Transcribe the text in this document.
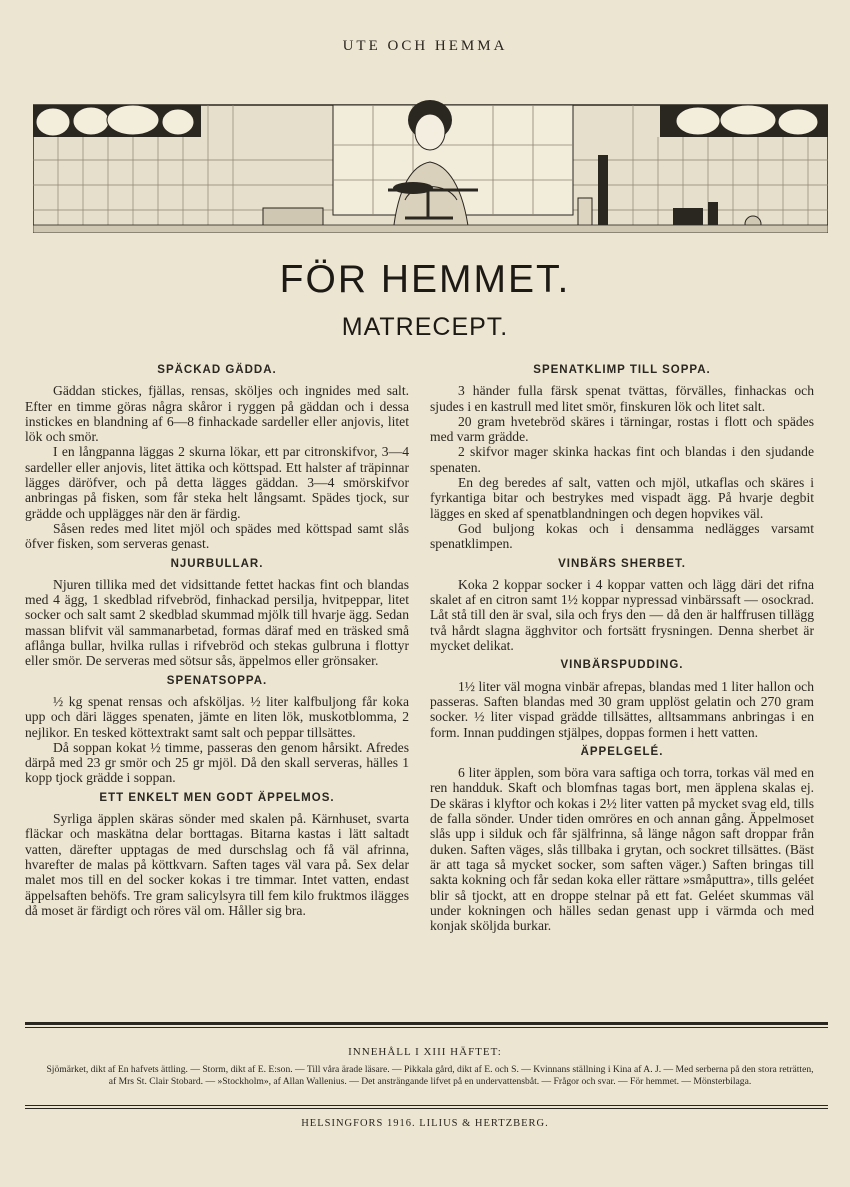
UTE OCH HEMMA
FÖR HEMMET.
MATRECEPT.
SPÄCKAD GÄDDA.

Gäddan stickes, fjällas, rensas, sköljes och ingnides med salt. Efter en timme göras några skåror i ryggen på gäddan och i dessa instickes en blandning af 6—8 finhackade sardeller eller anjovis, litet lök och smör.

I en långpanna läggas 2 skurna lökar, ett par citronskifvor, 3—4 sardeller eller anjovis, litet ättika och köttspad. Ett halster af träpinnar lägges däröfver, och på detta lägges gäddan. 3—4 smörskifvor anbringas på fisken, som får steka helt långsamt. Spädes tjock, sur grädde och upplägges när den är färdig.

Såsen redes med litet mjöl och spädes med köttspad samt slås öfver fisken, som serveras genast.

NJURBULLAR.

Njuren tillika med det vidsittande fettet hackas fint och blandas med 4 ägg, 1 skedblad rifvebröd, finhackad persilja, hvitpeppar, litet socker och salt samt 2 skedblad skummad mjölk till hvarje ägg. Sedan massan blifvit väl sammanarbetad, formas däraf med en träsked små aflånga bullar, hvilka rullas i rifvebröd och stekas gulbruna i flottyr eller smör. De serveras med sötsur sås, äppelmos eller grönsaker.

SPENATSOPPA.

½ kg spenat rensas och afsköljas. ½ liter kalfbuljong får koka upp och däri lägges spenaten, jämte en liten lök, muskotblomma, 2 nejlikor. En tesked köttextrakt samt salt och peppar tillsättes.

Då soppan kokat ½ timme, passeras den genom hårsikt. Afredes därpå med 23 gr smör och 25 gr mjöl. Då den skall serveras, hälles 1 kopp tjock grädde i soppan.

ETT ENKELT MEN GODT ÄPPELMOS.

Syrliga äpplen skäras sönder med skalen på. Kärnhuset, svarta fläckar och maskätna delar borttagas. Bitarna kastas i lätt saltadt vatten, därefter upptagas de med durschslag och få väl afrinna, hvarefter de malas på köttkvarn. Saften tages väl vara på. Sex delar malet mos till en del socker kokas i tre timmar. Intet vatten, endast äppelsaften behöfs. Tre gram salicylsyra till fem kilo fruktmos ilägges då moset är färdigt och röres väl om. Håller sig bra.

SPENATKLIMP TILL SOPPA.

3 händer fulla färsk spenat tvättas, förvälles, finhackas och sjudes i en kastrull med litet smör, finskuren lök och litet salt.

20 gram hvetebröd skäres i tärningar, rostas i flott och spädes med varm grädde.

2 skifvor mager skinka hackas fint och blandas i den sjudande spenaten.

En deg beredes af salt, vatten och mjöl, utkaflas och skäres i fyrkantiga bitar och bestrykes med vispadt ägg. På hvarje degbit lägges en sked af spenatblandningen och degen hopvikes väl.

God buljong kokas och i densamma nedlägges varsamt spenatklimpen.

VINBÄRS SHERBET.

Koka 2 koppar socker i 4 koppar vatten och lägg däri det rifna skalet af en citron samt 1½ koppar nypressad vinbärssaft — osockrad. Låt stå till den är sval, sila och frys den — då den är halffrusen tillägg två hårdt slagna ägghvitor och fortsätt frysningen. Denna sherbet är mycket delikat.

VINBÄRSPUDDING.

1½ liter väl mogna vinbär afrepas, blandas med 1 liter hallon och passeras. Saften blandas med 30 gram upplöst gelatin och 270 gram socker. ½ liter vispad grädde tillsättes, alltsammans anbringas i en form. Innan puddingen stjälpes, doppas formen i hett vatten.

ÄPPELGELÉ.

6 liter äpplen, som böra vara saftiga och torra, torkas väl med en ren handduk. Skaft och blomfnas tagas bort, men äpplena skalas ej. De skäras i klyftor och kokas i 2½ liter vatten på mycket svag eld, tills de falla sönder. Under tiden omröres en och annan gång. Äppelmoset slås upp i silduk och får själfrinna, så länge någon saft droppar från duken. Saften väges, slås tillbaka i grytan, och sockret tillsättes. (Bäst är att taga så mycket socker, som saften väger.) Saften bringas till sakta kokning och får sedan koka eller rättare »småputtra», tills geléet blir så tjockt, att en droppe stelnar på ett fat. Geléet skummas väl under kokningen och hälles sedan genast upp i värmda och med konjak sköljda burkar.

INNEHÅLL I XIII HÄFTET:
Sjömärket, dikt af En hafvets ättling. — Storm, dikt af E. E:son. — Till våra ärade läsare. — Pikkala gård, dikt af E. och S. — Kvinnans ställning i Kina af A. J. — Med serberna på den stora reträtten, af Mrs St. Clair Stobard. — »Stockholm», af Allan Wallenius. — Det ansträngande lifvet på en undervattensbåt. — Frågor och svar. — För hemmet. — Mönsterbilaga.
HELSINGFORS 1916. LILIUS & HERTZBERG.
